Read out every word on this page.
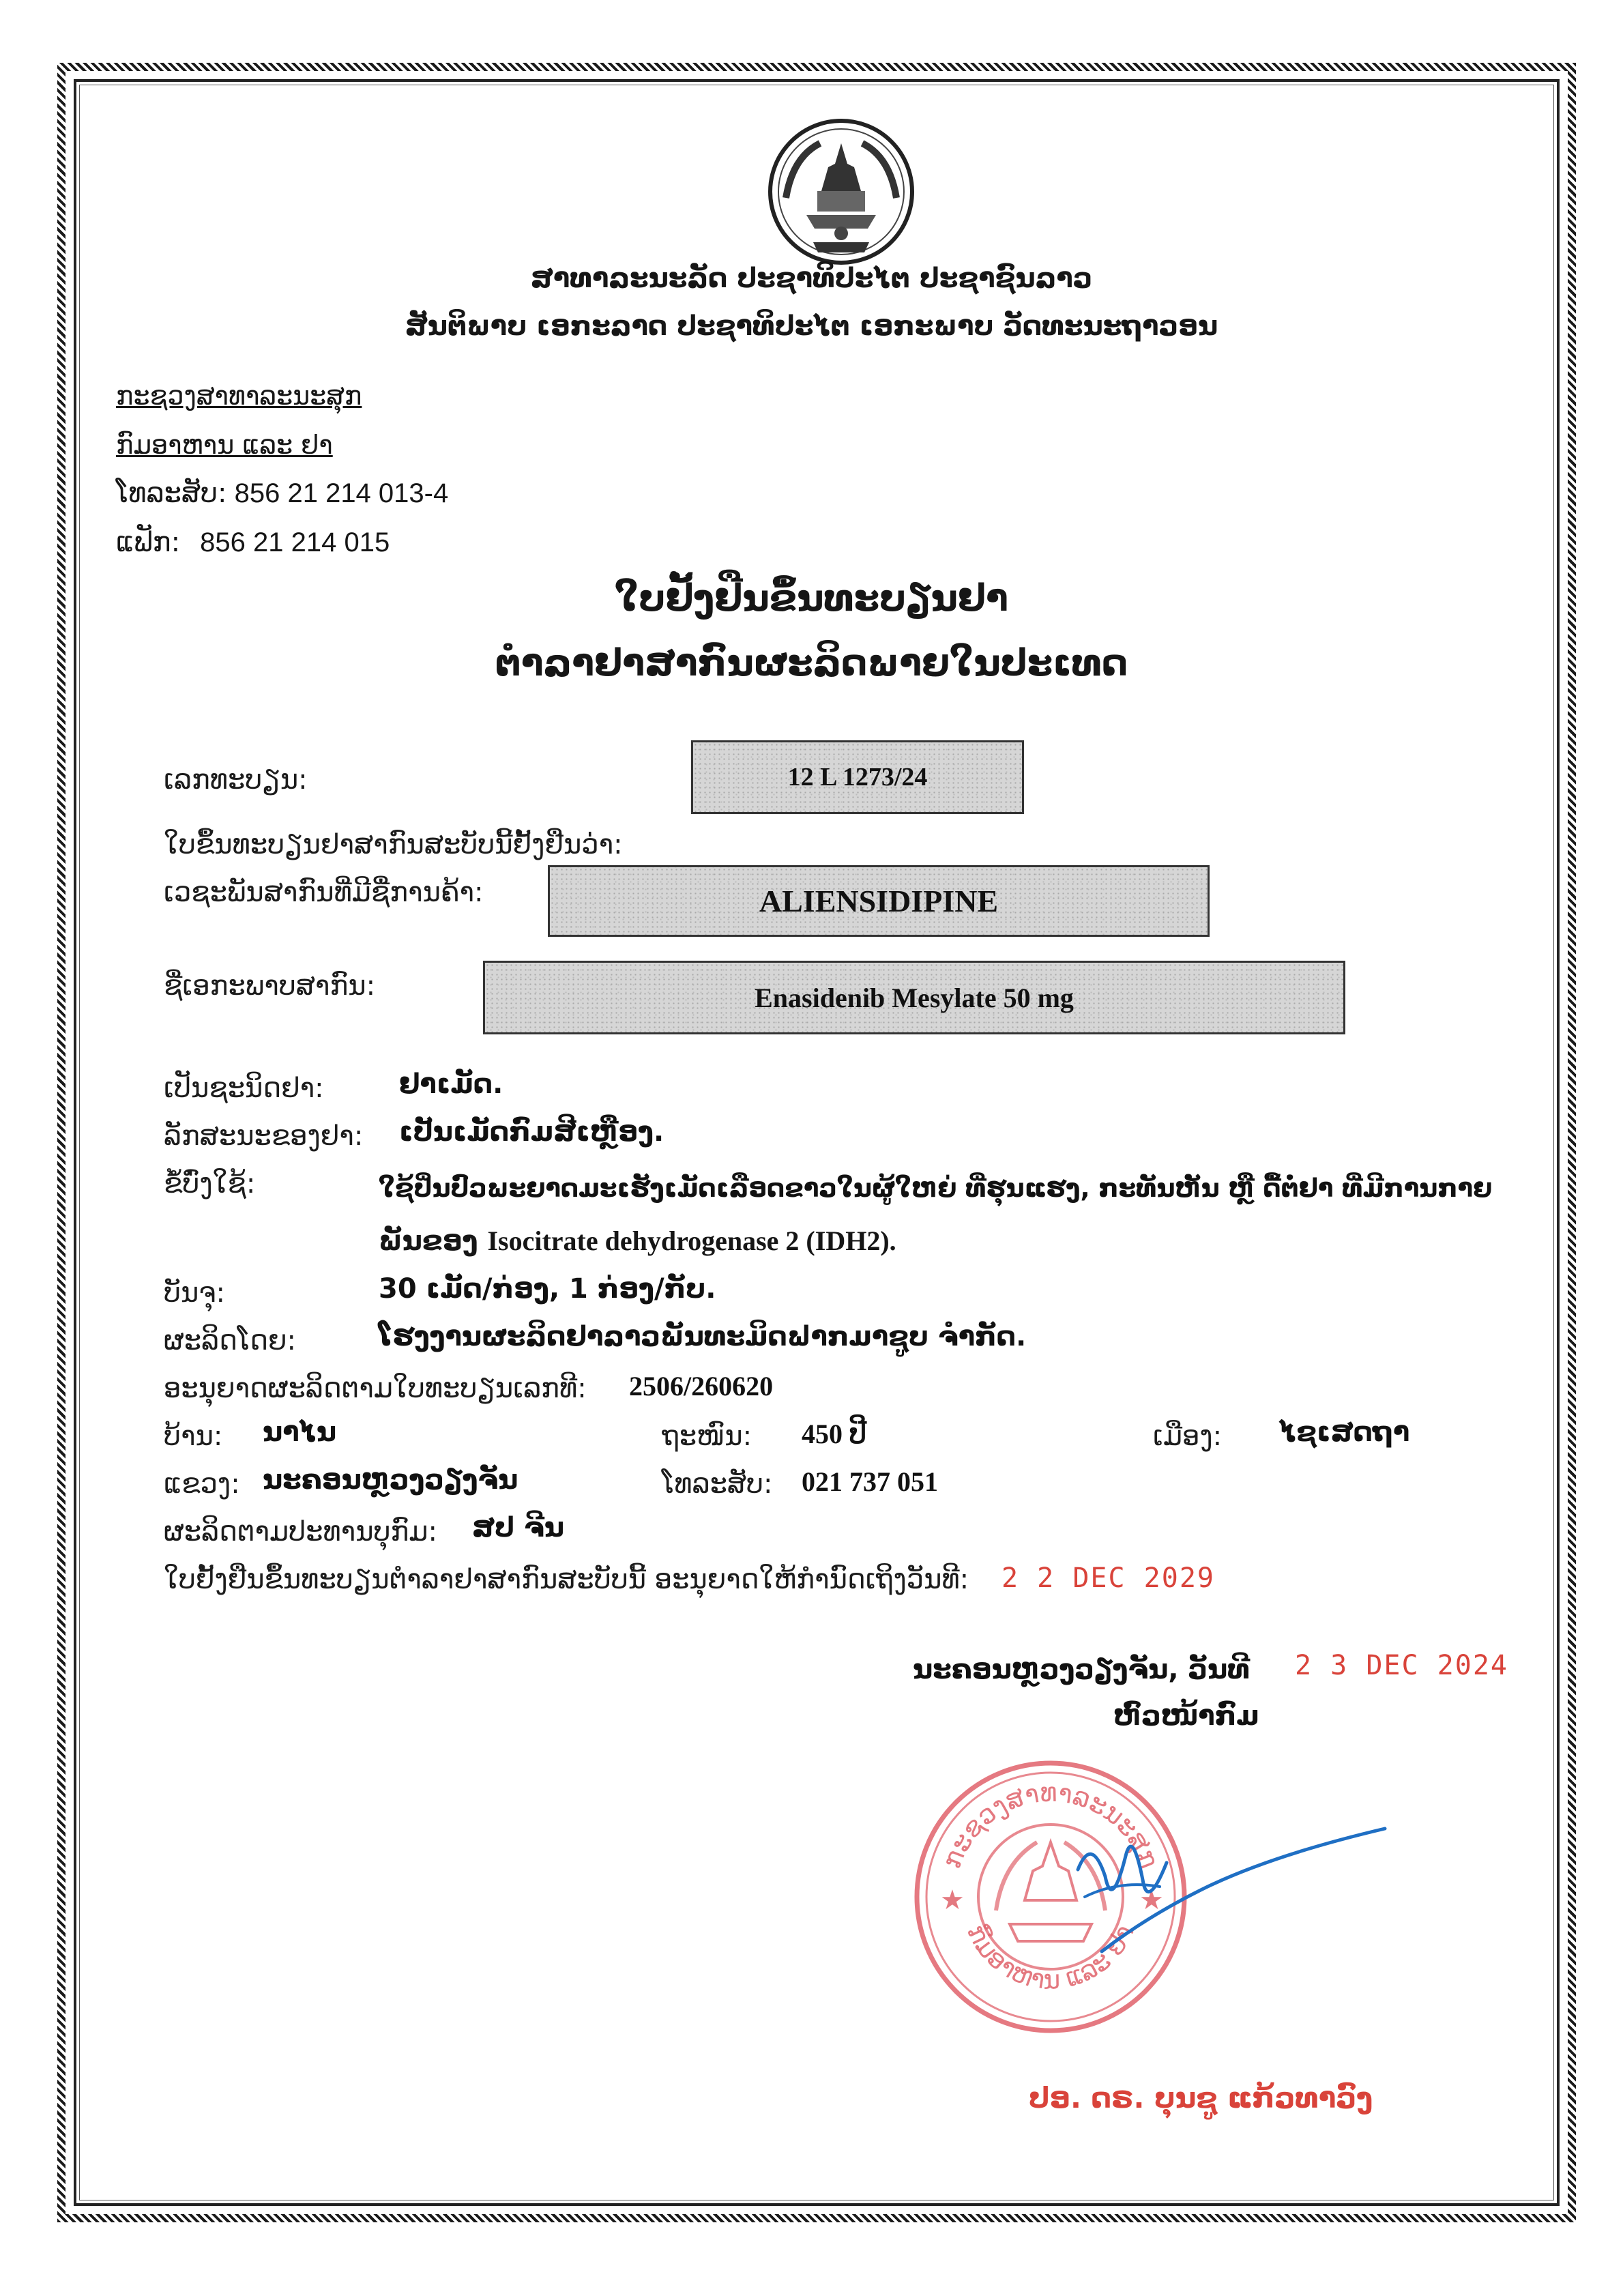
ສາທາລະນະລັດ ປະຊາທິປະໄຕ ປະຊາຊົນລາວ
ສັນຕິພາບ ເອກະລາດ ປະຊາທິປະໄຕ ເອກະພາບ ວັດທະນະຖາວອນ
ກະຊວງສາທາລະນະສຸກ
ກົມອາຫານ ແລະ ຢາ
ໂທລະສັບ: 856 21 214 013-4
ແຟັກ: 856 21 214 015
ໃບຢັ້ງຢືນຂຶ້ນທະບຽນຢາ
ຕຳລາຢາສາກົນຜະລິດພາຍໃນປະເທດ
ເລກທະບຽນ:	12 L 1273/24
ໃບຂຶ້ນທະບຽນຢາສາກົນສະບັບນີ້ຢັ້ງຢືນວ່າ:
ເວຊະພັນສາກົນທີ່ມີຊື່ການຄ້າ:	ALIENSIDIPINE
ຊື່ເອກະພາບສາກົນ:	Enasidenib Mesylate 50 mg
ເປັນຊະນິດຢາ:	ຢາເມັດ.
ລັກສະນະຂອງຢາ: ເປັນເມັດກົມສີເຫຼືອງ.
ຂໍ້ບົ່ງໃຊ້:	ໃຊ້ປິ່ນປົວພະຍາດມະເຮັງເມັດເລືອດຂາວໃນຜູ້ໃຫຍ່ ທີ່ຮຸນແຮງ, ກະທັນຫັນ ຫຼື ດື້ຕໍ່ຢາ ທີ່ມີການກາຍ
ພັນຂອງ Isocitrate dehydrogenase 2 (IDH2).
ບັນຈຸ:	30 ເມັດ/ກ່ອງ, 1 ກ່ອງ/ກັບ.
ຜະລິດໂດຍ:	ໂຮງງານຜະລິດຢາລາວພັນທະມິດຟາກມາຊູບ ຈຳກັດ.
ອະນຸຍາດຜະລິດຕາມໃບທະບຽນເລກທີ: 2506/260620
ບ້ານ: ນາໄນ	ຖະໜົນ: 450 ປີ	ເມືອງ: ໄຊເສດຖາ
ແຂວງ: ນະຄອນຫຼວງວຽງຈັນ	ໂທລະສັບ: 021 737 051
ຜະລິດຕາມປະທານບຸກົມ: ສປ ຈີນ
ໃບຢັ້ງຢືນຂຶ້ນທະບຽນຕຳລາຢາສາກົນສະບັບນີ້ ອະນຸຍາດໃຫ້ກຳນົດເຖິງວັນທີ: 2 2 DEC 2029
ນະຄອນຫຼວງວຽງຈັນ, ວັນທີ 2 3 DEC 2024
ຫົວໜ້າກົມ
ກະຊວງສາທາລະນະສຸກ
ກົມອາຫານ ແລະ ຢາ
★	★
ປອ. ດຣ. ບຸນຊູ ແກ້ວທາວົງ
